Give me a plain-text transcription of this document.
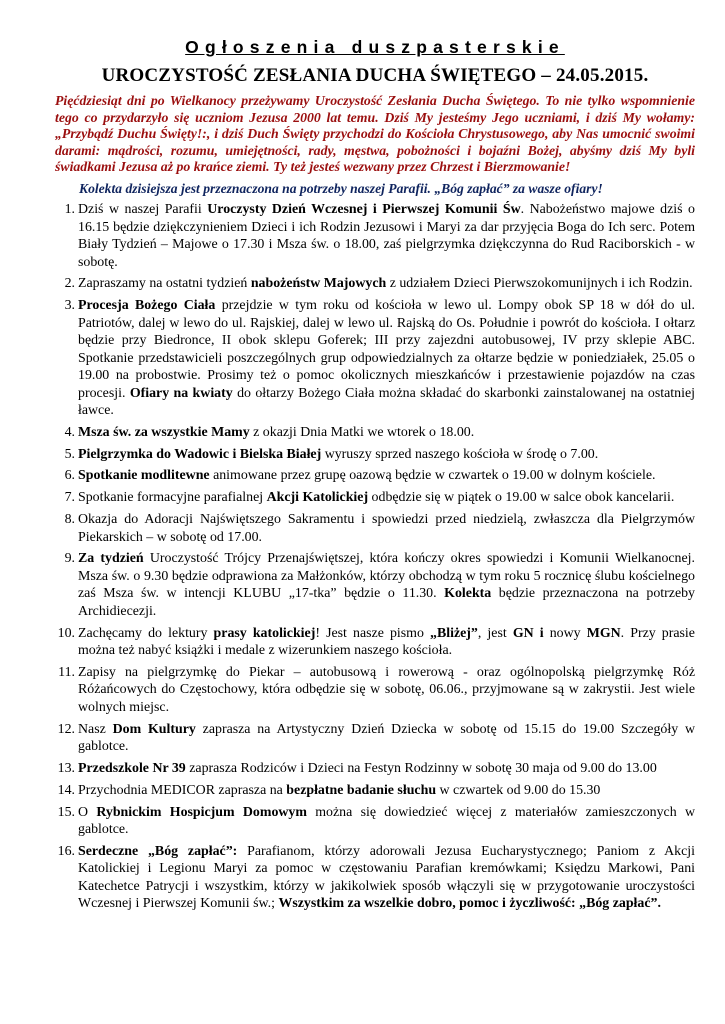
Ogłoszenia duszpasterskie
UROCZYSTOŚĆ ZESŁANIA DUCHA ŚWIĘTEGO – 24.05.2015.

Pięćdziesiąt dni po Wielkanocy przeżywamy Uroczystość Zesłania Ducha Świętego. To nie tylko wspomnienie tego co przydarzyło się uczniom Jezusa 2000 lat temu. Dziś My jesteśmy Jego uczniami, i dziś My wołamy: „Przybądź Duchu Święty!:, i dziś Duch Święty przychodzi do Kościoła Chrystusowego, aby Nas umocnić swoimi darami: mądrości, rozumu, umiejętności, rady, męstwa, pobożności i bojaźni Bożej, abyśmy dziś My byli świadkami Jezusa aż po krańce ziemi. Ty też jesteś wezwany przez Chrzest i Bierzmowanie!

Kolekta dzisiejsza jest przeznaczona na potrzeby naszej Parafii. „Bóg zapłać” za wasze ofiary!

1. Dziś w naszej Parafii Uroczysty Dzień Wczesnej i Pierwszej Komunii Św. Nabożeństwo majowe dziś o 16.15 będzie dziękczynieniem Dzieci i ich Rodzin Jezusowi i Maryi za dar przyjęcia Boga do Ich serc. Potem Biały Tydzień – Majowe o 17.30 i Msza św. o 18.00, zaś pielgrzymka dziękczynna do Rud Raciborskich - w sobotę.
2. Zapraszamy na ostatni tydzień nabożeństw Majowych z udziałem Dzieci Pierwszokomunijnych i ich Rodzin.
3. Procesja Bożego Ciała przejdzie w tym roku od kościoła w lewo ul. Lompy obok SP 18 w dół do ul. Patriotów, dalej w lewo do ul. Rajskiej, dalej w lewo ul. Rajską do Os. Południe i powrót do kościoła. I ołtarz będzie przy Biedronce, II obok sklepu Goferek; III przy zajezdni autobusowej, IV przy sklepie ABC. Spotkanie przedstawicieli poszczególnych grup odpowiedzialnych za ołtarze będzie w poniedziałek, 25.05 o 19.00 na probostwie. Prosimy też o pomoc okolicznych mieszkańców i przestawienie pojazdów na czas procesji. Ofiary na kwiaty do ołtarzy Bożego Ciała można składać do skarbonki zainstalowanej na ostatniej ławce.
4. Msza św. za wszystkie Mamy z okazji Dnia Matki we wtorek o 18.00.
5. Pielgrzymka do Wadowic i Bielska Białej wyruszy sprzed naszego kościoła w środę o 7.00.
6. Spotkanie modlitewne animowane przez grupę oazową będzie w czwartek o 19.00 w dolnym kościele.
7. Spotkanie formacyjne parafialnej Akcji Katolickiej odbędzie się w piątek o 19.00 w salce obok kancelarii.
8. Okazja do Adoracji Najświętszego Sakramentu i spowiedzi przed niedzielą, zwłaszcza dla Pielgrzymów Piekarskich – w sobotę od 17.00.
9. Za tydzień Uroczystość Trójcy Przenajświętszej, która kończy okres spowiedzi i Komunii Wielkanocnej. Msza św. o 9.30 będzie odprawiona za Małżonków, którzy obchodzą w tym roku 5 rocznicę ślubu kościelnego zaś Msza św. w intencji KLUBU „17-tka” będzie o 11.30. Kolekta będzie przeznaczona na potrzeby Archidiecezji.
10. Zachęcamy do lektury prasy katolickiej! Jest nasze pismo „Bliżej”, jest GN i nowy MGN. Przy prasie można też nabyć książki i medale z wizerunkiem naszego kościoła.
11. Zapisy na pielgrzymkę do Piekar – autobusową i rowerową - oraz ogólnopolską pielgrzymkę Róż Różańcowych do Częstochowy, która odbędzie się w sobotę, 06.06., przyjmowane są w zakrystii. Jest wiele wolnych miejsc.
12. Nasz Dom Kultury zaprasza na Artystyczny Dzień Dziecka w sobotę od 15.15 do 19.00 Szczegóły w gablotce.
13. Przedszkole Nr 39 zaprasza Rodziców i Dzieci na Festyn Rodzinny w sobotę 30 maja od 9.00 do 13.00
14. Przychodnia MEDICOR zaprasza na bezpłatne badanie słuchu w czwartek od 9.00 do 15.30
15. O Rybnickim Hospicjum Domowym można się dowiedzieć więcej z materiałów zamieszczonych w gablotce.
16. Serdeczne „Bóg zapłać”: Parafianom, którzy adorowali Jezusa Eucharystycznego; Paniom z Akcji Katolickiej i Legionu Maryi za pomoc w częstowaniu Parafian kremówkami; Księdzu Markowi, Pani Katechetce Patrycji i wszystkim, którzy w jakikolwiek sposób włączyli się w przygotowanie uroczystości Wczesnej i Pierwszej Komunii św.; Wszystkim za wszelkie dobro, pomoc i życzliwość: „Bóg zapłać”.
